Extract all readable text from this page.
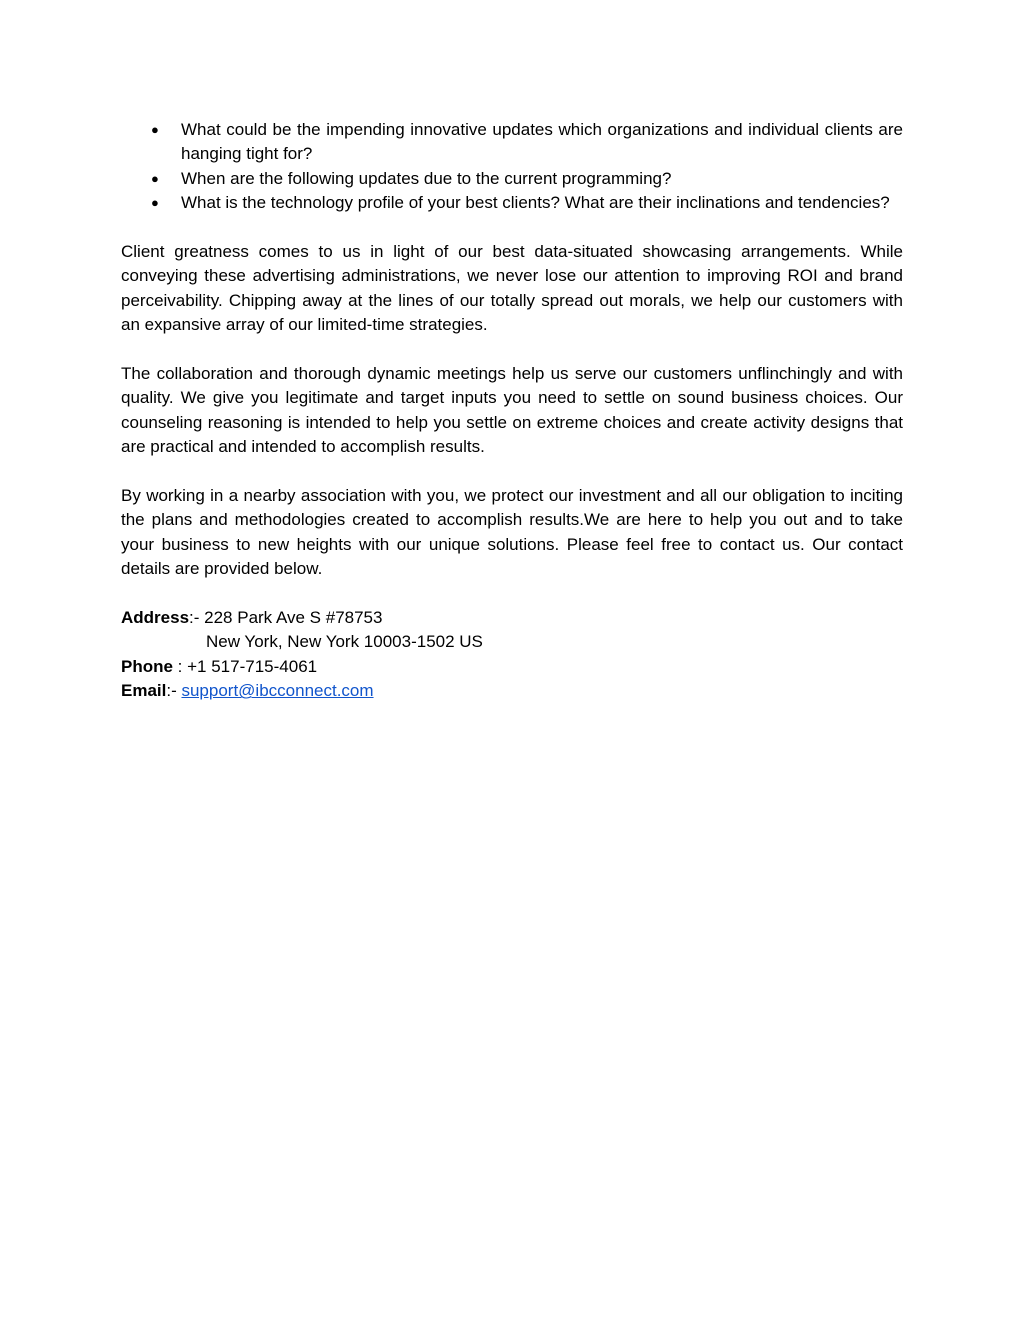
● What could be the impending innovative updates which organizations and individual clients are hanging tight for?
● When are the following updates due to the current programming?
● What is the technology profile of your best clients? What are their inclinations and tendencies?

Client greatness comes to us in light of our best data-situated showcasing arrangements. While conveying these advertising administrations, we never lose our attention to improving ROI and brand perceivability. Chipping away at the lines of our totally spread out morals, we help our customers with an expansive array of our limited-time strategies.

The collaboration and thorough dynamic meetings help us serve our customers unflinchingly and with quality. We give you legitimate and target inputs you need to settle on sound business choices. Our counseling reasoning is intended to help you settle on extreme choices and create activity designs that are practical and intended to accomplish results.

By working in a nearby association with you, we protect our investment and all our obligation to inciting the plans and methodologies created to accomplish results.We are here to help you out and to take your business to new heights with our unique solutions. Please feel free to contact us. Our contact details are provided below.

Address:- 228 Park Ave S #78753
New York, New York 10003-1502 US
Phone : +1 517-715-4061
Email:- support@ibcconnect.com
